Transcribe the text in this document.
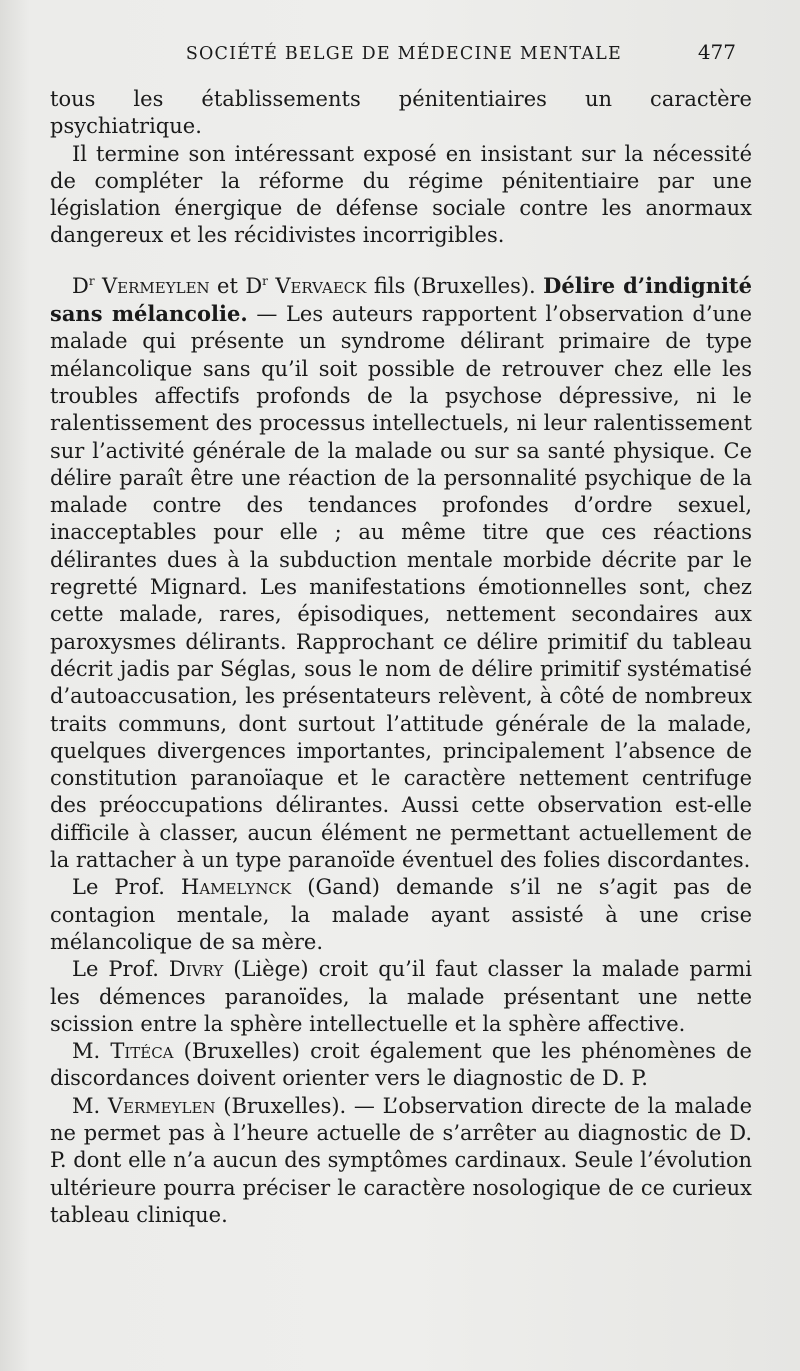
SOCIÉTÉ BELGE DE MÉDECINE MENTALE	477

tous les établissements pénitentiaires un caractère psychiatrique.

Il termine son intéressant exposé en insistant sur la nécessité de compléter la réforme du régime pénitentiaire par une législation énergique de défense sociale contre les anormaux dangereux et les récidivistes incorrigibles.

$D^r$ Vermeylen et $D^r$ Vervaeck fils (Bruxelles). Délire d’indignité sans mélancolie. — Les auteurs rapportent l’observation d’une malade qui présente un syndrome délirant primaire de type mélancolique sans qu’il soit possible de retrouver chez elle les troubles affectifs profonds de la psychose dépressive, ni le ralentissement des processus intellectuels, ni leur ralentissement sur l’activité générale de la malade ou sur sa santé physique. Ce délire paraît être une réaction de la personnalité psychique de la malade contre des tendances profondes d’ordre sexuel, inacceptables pour elle ; au même titre que ces réactions délirantes dues à la subduction mentale morbide décrite par le regretté Mignard. Les manifestations émotionnelles sont, chez cette malade, rares, épisodiques, nettement secondaires aux paroxysmes délirants. Rapprochant ce délire primitif du tableau décrit jadis par Séglas, sous le nom de délire primitif systématisé d’autoaccusation, les présentateurs relèvent, à côté de nombreux traits communs, dont surtout l’attitude générale de la malade, quelques divergences importantes, principalement l’absence de constitution paranoïaque et le caractère nettement centrifuge des préoccupations délirantes. Aussi cette observation est-elle difficile à classer, aucun élément ne permettant actuellement de la rattacher à un type paranoïde éventuel des folies discordantes.

Le Prof. Hamelynck (Gand) demande s’il ne s’agit pas de contagion mentale, la malade ayant assisté à une crise mélancolique de sa mère.

Le Prof. Divry (Liège) croit qu’il faut classer la malade parmi les démences paranoïdes, la malade présentant une nette scission entre la sphère intellectuelle et la sphère affective.

M. Titéca (Bruxelles) croit également que les phénomènes de discordances doivent orienter vers le diagnostic de D. P.

M. Vermeylen (Bruxelles). — L’observation directe de la malade ne permet pas à l’heure actuelle de s’arrêter au diagnostic de D. P. dont elle n’a aucun des symptômes cardinaux. Seule l’évolution ultérieure pourra préciser le caractère nosologique de ce curieux tableau clinique.
